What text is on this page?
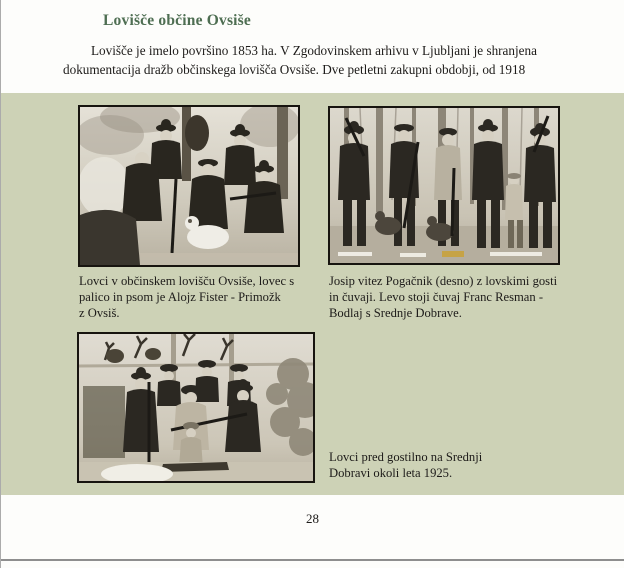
Lovišče občine Ovsiše
Lovišče je imelo površino 1853 ha. V Zgodovinskem arhivu v Ljubljani je shranjena
dokumentacija dražb občinskega lovišča Ovsiše. Dve petletni zakupni obdobji, od 1918
Lovci v občinskem lovišču Ovsiše, lovec s
palico in psom je Alojz Fister - Primožk
z Ovsiš.
Josip vitez Pogačnik (desno) z lovskimi gosti
in čuvaji. Levo stoji čuvaj Franc Resman -
Bodlaj s Srednje Dobrave.
Lovci pred gostilno na Srednji
Dobravi okoli leta 1925.
28
